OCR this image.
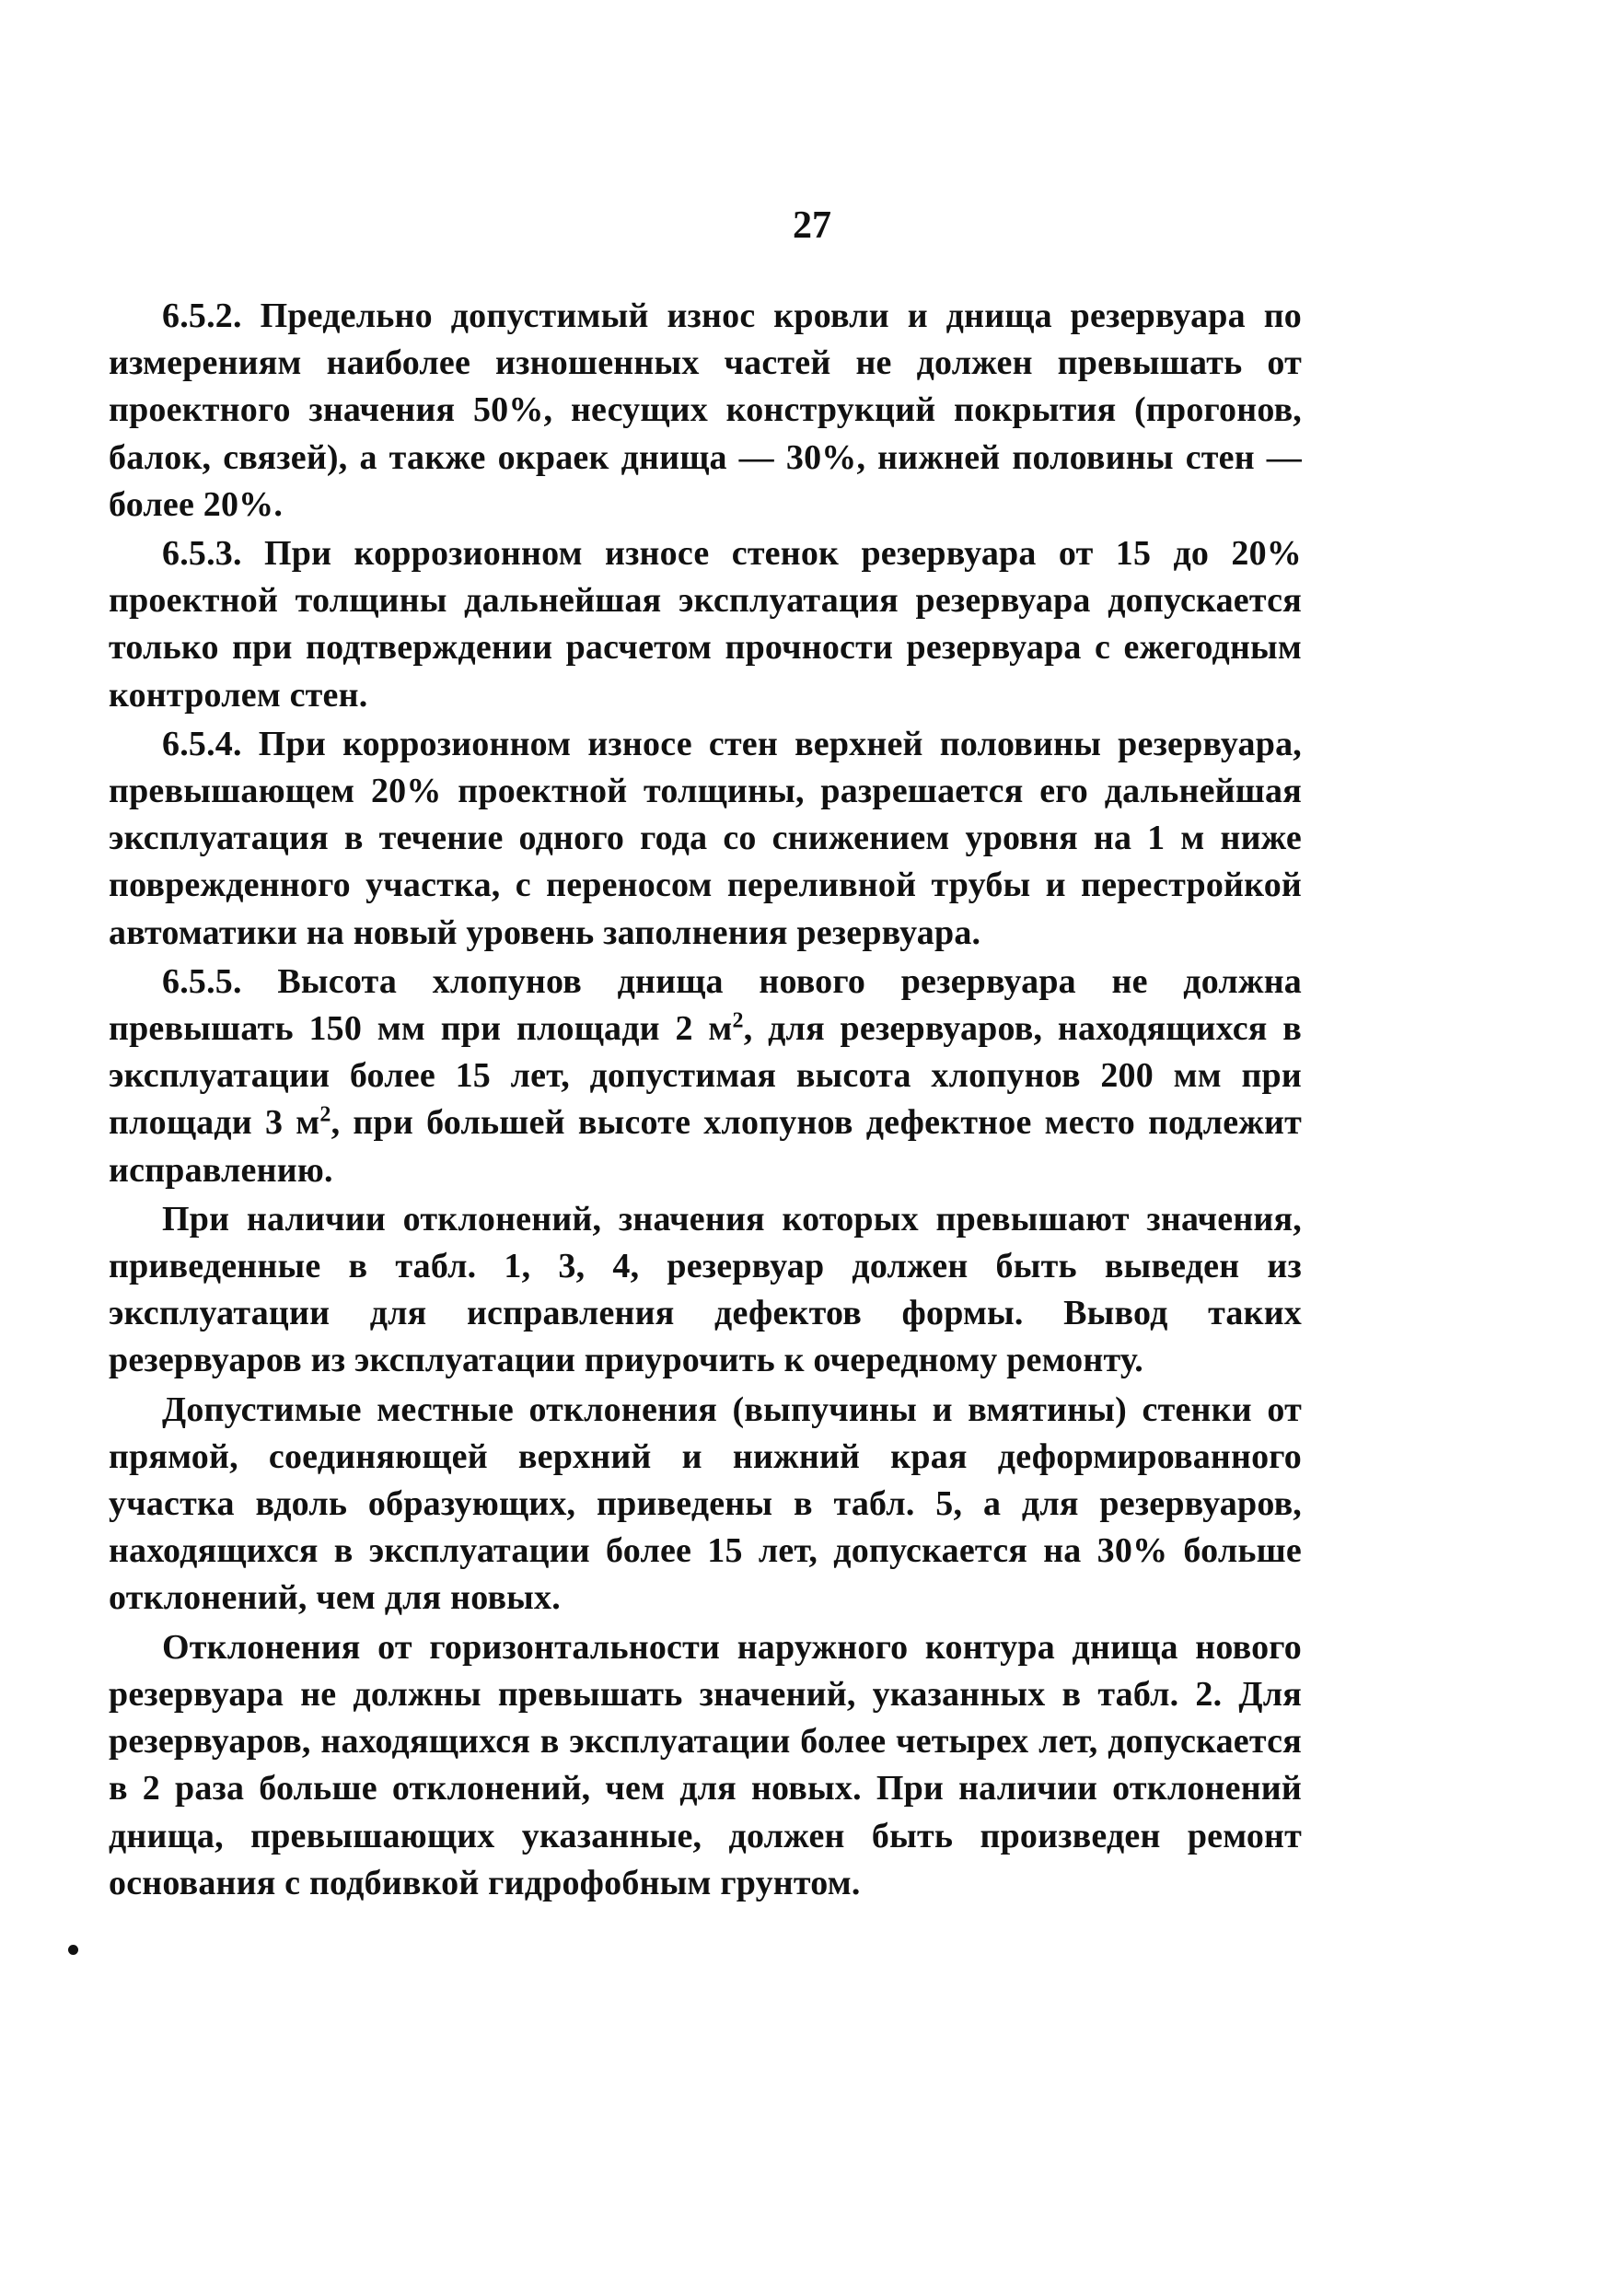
27

6.5.2. Предельно допустимый износ кровли и днища резервуара по измерениям наиболее изношенных частей не должен превышать от проектного значения 50%, несущих конструкций покрытия (прогонов, балок, связей), а также окраек днища — 30%, нижней половины стен — более 20%.

6.5.3. При коррозионном износе стенок резервуара от 15 до 20% проектной толщины дальнейшая эксплуатация резервуара допускается только при подтверждении расчетом прочности резервуара с ежегодным контролем стен.

6.5.4. При коррозионном износе стен верхней половины резервуара, превышающем 20% проектной толщины, разрешается его дальнейшая эксплуатация в течение одного года со снижением уровня на 1 м ниже поврежденного участка, с переносом переливной трубы и перестройкой автоматики на новый уровень заполнения резервуара.

6.5.5. Высота хлопунов днища нового резервуара не должна превышать 150 мм при площади 2 $м^2$, для резервуаров, находящихся в эксплуатации более 15 лет, допустимая высота хлопунов 200 мм при площади 3 $м^2$, при большей высоте хлопунов дефектное место подлежит исправлению.

При наличии отклонений, значения которых превышают значения, приведенные в табл. 1, 3, 4, резервуар должен быть выведен из эксплуатации для исправления дефектов формы. Вывод таких резервуаров из эксплуатации приурочить к очередному ремонту.

Допустимые местные отклонения (выпучины и вмятины) стенки от прямой, соединяющей верхний и нижний края деформированного участка вдоль образующих, приведены в табл. 5, а для резервуаров, находящихся в эксплуатации более 15 лет, допускается на 30% больше отклонений, чем для новых.

Отклонения от горизонтальности наружного контура днища нового резервуара не должны превышать значений, указанных в табл. 2. Для резервуаров, находящихся в эксплуатации более четырех лет, допускается в 2 раза больше отклонений, чем для новых. При наличии отклонений днища, превышающих указанные, должен быть произведен ремонт основания с подбивкой гидрофобным грунтом.
